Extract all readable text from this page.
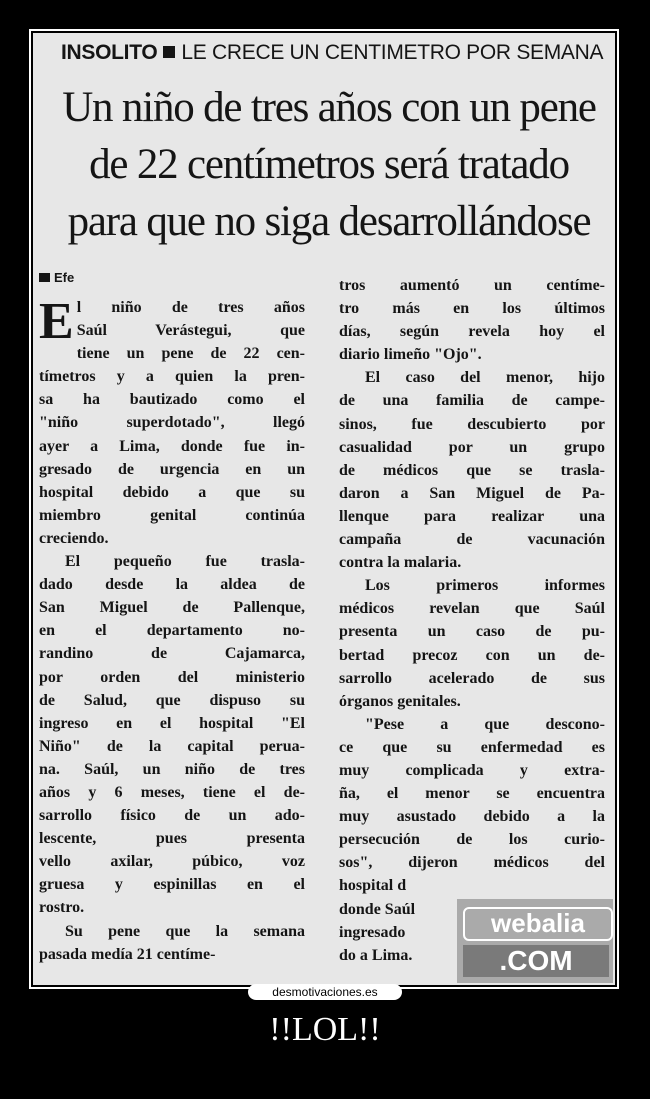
INSOLITO LE CRECE UN CENTIMETRO POR SEMANA
Un niño de tres años con un pene
de 22 centímetros será tratado
para que no siga desarrollándose
Efe
E l niño de tres años
Saúl Verástegui, que
tiene un pene de 22 cen-
tímetros y a quien la pren-
sa ha bautizado como el
"niño superdotado", llegó
ayer a Lima, donde fue in-
gresado de urgencia en un
hospital debido a que su
miembro genital continúa
creciendo.
El pequeño fue trasla-
dado desde la aldea de
San Miguel de Pallenque,
en el departamento no-
randino de Cajamarca,
por orden del ministerio
de Salud, que dispuso su
ingreso en el hospital "El
Niño" de la capital perua-
na. Saúl, un niño de tres
años y 6 meses, tiene el de-
sarrollo físico de un ado-
lescente, pues presenta
vello axilar, púbico, voz
gruesa y espinillas en el
rostro.
Su pene que la semana
pasada medía 21 centíme-
tros aumentó un centíme-
tro más en los últimos
días, según revela hoy el
diario limeño "Ojo".
El caso del menor, hijo
de una familia de campe-
sinos, fue descubierto por
casualidad por un grupo
de médicos que se trasla-
daron a San Miguel de Pa-
llenque para realizar una
campaña de vacunación
contra la malaria.
Los primeros informes
médicos revelan que Saúl
presenta un caso de pu-
bertad precoz con un de-
sarrollo acelerado de sus
órganos genitales.
"Pese a que descono-
ce que su enfermedad es
muy complicada y extra-
ña, el menor se encuentra
muy asustado debido a la
persecución de los curio-
sos", dijeron médicos del
hospital d
donde Saúl
ingresado
do a Lima.
webalia
.COM
desmotivaciones.es
!!LOL!!
